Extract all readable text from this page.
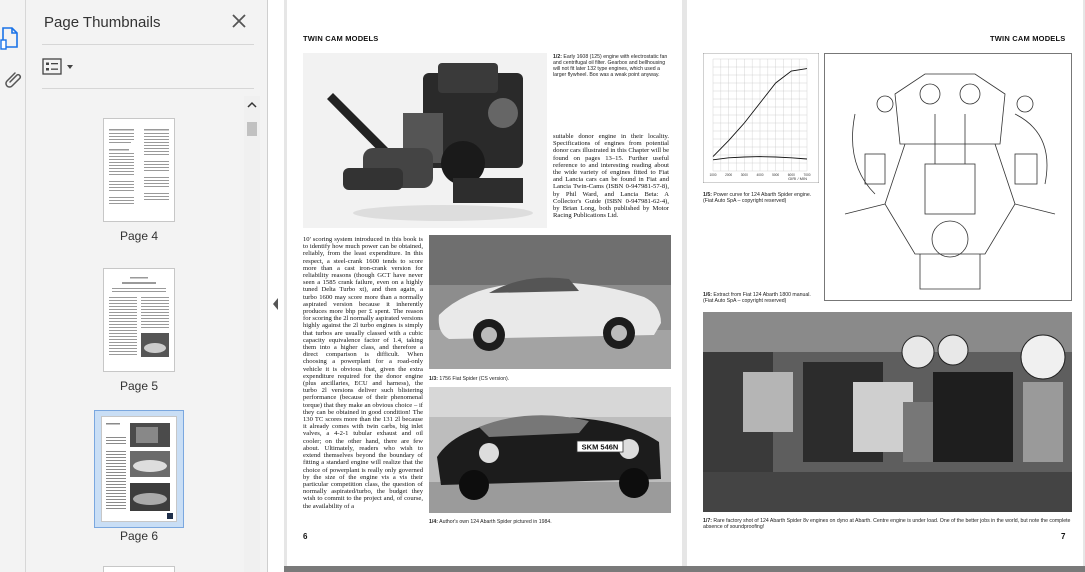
Page Thumbnails
Page 4
Page 5
Page 6
TWIN CAM MODELS
1/2: Early 1608 (125) engine with electrostatic fan and centrifugal oil filter. Gearbox and bellhousing will not fit later 132 type engines, which used a larger flywheel. Box was a weak point anyway.
suitable donor engine in their locality. Specifications of engines from potential donor cars illustrated in this Chapter will be found on pages 13–15. Further useful reference to and interesting reading about the wide variety of engines fitted to Fiat and Lancia cars can be found in Fiat and Lancia Twin-Cams (ISBN 0-947981-57-8), by Phil Ward, and Lancia Beta: A Collector's Guide (ISBN 0-947981-62-4), by Brian Long, both published by Motor Racing Publications Ltd.
10' scoring system introduced in this book is to identify how much power can be obtained, reliably, from the least expenditure. In this respect, a steel-crank 1600 tends to score more than a cast iron-crank version for reliability reasons (though GCT have never seen a 1585 crank failure, even on a highly tuned Delta Turbo xt), and then again, a turbo 1600 may score more than a normally aspirated version because it inherently produces more bhp per £ spent. The reason for scoring the 2l normally aspirated versions highly against the 2l turbo engines is simply that turbos are usually classed with a cubic capacity equivalence factor of 1.4, taking them into a higher class, and therefore a direct comparison is difficult. When choosing a powerplant for a road-only vehicle it is obvious that, given the extra expenditure required for the donor engine (plus ancillaries, ECU and harness), the turbo 2l versions deliver such blistering performance (because of their phenomenal torque) that they make an obvious choice – if they can be obtained in good condition! The 130 TC scores more than the 131 2l because it already comes with twin carbs, big inlet valves, a 4-2-1 tubular exhaust and oil cooler; on the other hand, there are few about. Ultimately, readers who wish to extend themselves beyond the boundary of fitting a standard engine will realize that the choice of powerplant is really only governed by the size of the engine vis a vis their particular competition class, the question of normally aspirated/turbo, the budget they wish to commit to the project and, of course, the availability of a
1/3: 1756 Fiat Spider (CS version).
SKM 546N
1/4: Author's own 124 Abarth Spider pictured in 1984.
6
TWIN CAM MODELS
1000	2000	3000	4000	5000	6000	7000
GIRI / MIN
1/5: Power curve for 124 Abarth Spider engine. (Fiat Auto SpA – copyright reserved)
1/6: Extract from Fiat 124 Abarth 1800 manual. (Fiat Auto SpA – copyright reserved)
1/7: Rare factory shot of 124 Abarth Spider 8v engines on dyno at Abarth. Centre engine is under load. One of the better jobs in the world, but note the complete absence of soundproofing!
7
